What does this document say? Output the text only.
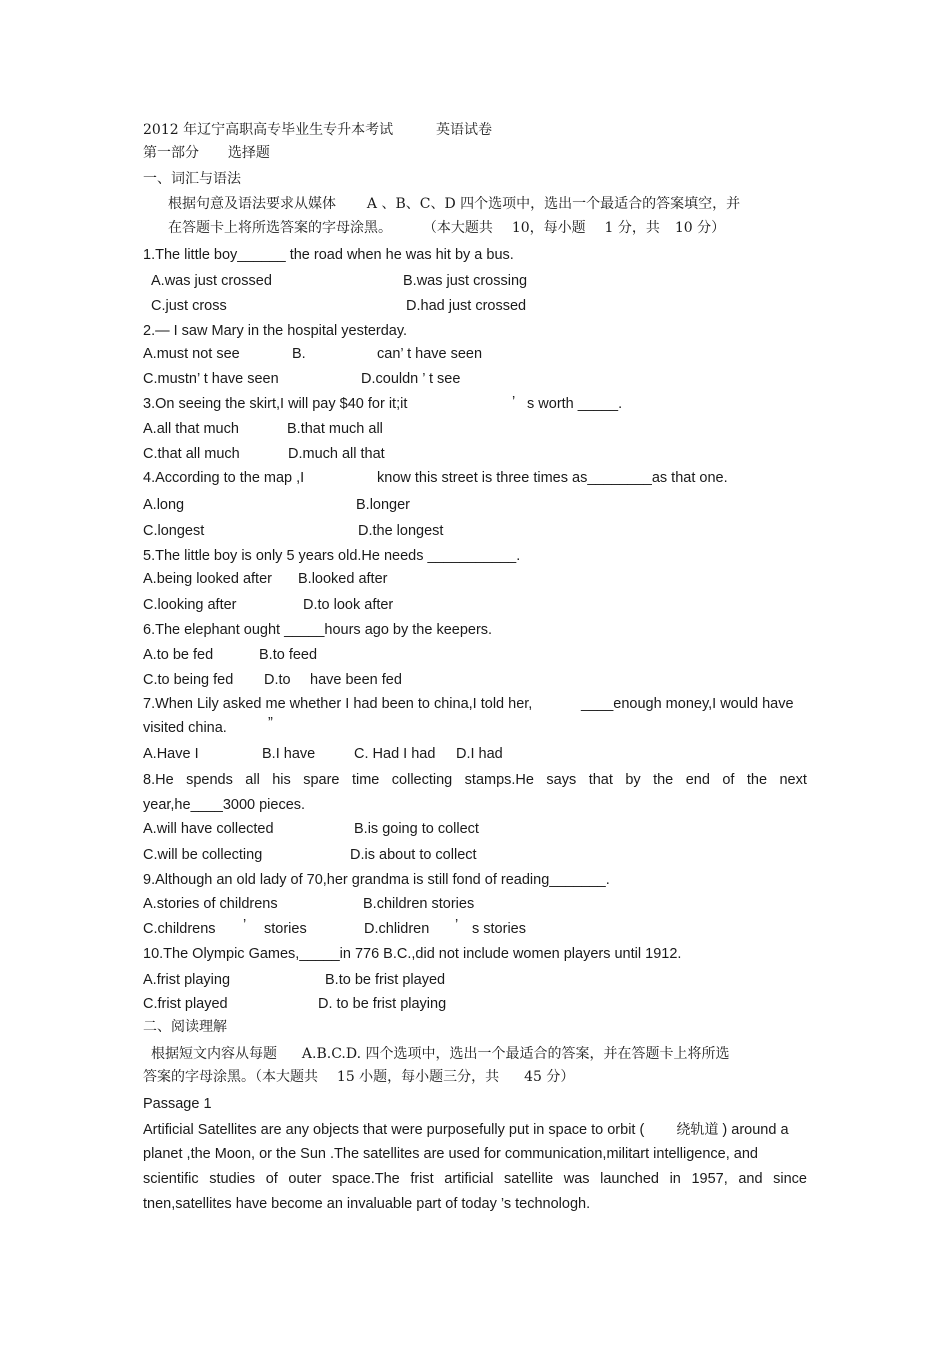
2012 年辽宁高职高专毕业生专升本考试	英语试卷
第一部分 选择题
一、词汇与语法
根据句意及语法要求从媒体 A 、B、C、D 四个选项中，选出一个最适合的答案填空，并
在答题卡上将所选答案的字母涂黑。 （本大题共 10，每小题 1 分，共 10 分）
1.The little boy______ the road when he was hit by a bus.
A.was just crossed	B.was just crossing
C.just cross	D.had just crossed
2.— I saw Mary in the hospital yesterday.
A.must not see	B.	can’ t have seen
C.mustn’ t have seen	D.couldn ’ t see
3.On seeing the skirt,I will pay $40 for it;it	’ s worth _____.
A.all that much	B.that much all
C.that all much	D.much all that
4.According to the map ,I	know this street is three times as________as that one.
A.long	B.longer
C.longest	D.the longest
5.The little boy is only 5 years old.He needs ___________.
A.being looked after B.looked after
C.looking after	D.to look after
6.The elephant ought _____hours ago by the keepers.
A.to be fed	B.to feed
C.to being fed D.to have been fed
7.When Lily asked me whether I had been to china,I told her,	____enough money,I would have
visited china.	”
A.Have I	B.I have	C. Had I had D.I had
8.He spends all his spare time collecting stamps.He says that by the end of the next
year,he____3000 pieces.
A.will have collected	B.is going to collect
C.will be collecting	D.is about to collect
9.Although an old lady of 70,her grandma is still fond of reading_______.
A.stories of childrens	B.children stories
C.childrens ’ stories	D.chlidren ’ s stories
10.The Olympic Games,_____in 776 B.C.,did not include women players until 1912.
A.frist playing	B.to be frist played
C.frist played	D. to be frist playing
二、阅读理解
根据短文内容从每题 A.B.C.D. 四个选项中，选出一个最适合的答案，并在答题卡上将所选
答案的字母涂黑。（本大题共 15 小题，每小题三分，共 45 分）
Passage 1
Artificial Satellites are any objects that were purposefully put in space to orbit ( 绕轨道 ) around a
planet ,the Moon, or the Sun .The satellites are used for communication,militart intelligence, and
scientific studies of outer space.The frist artificial satellite was launched in 1957, and since
tnen,satellites have become an invaluable part of today ’s technologh.
